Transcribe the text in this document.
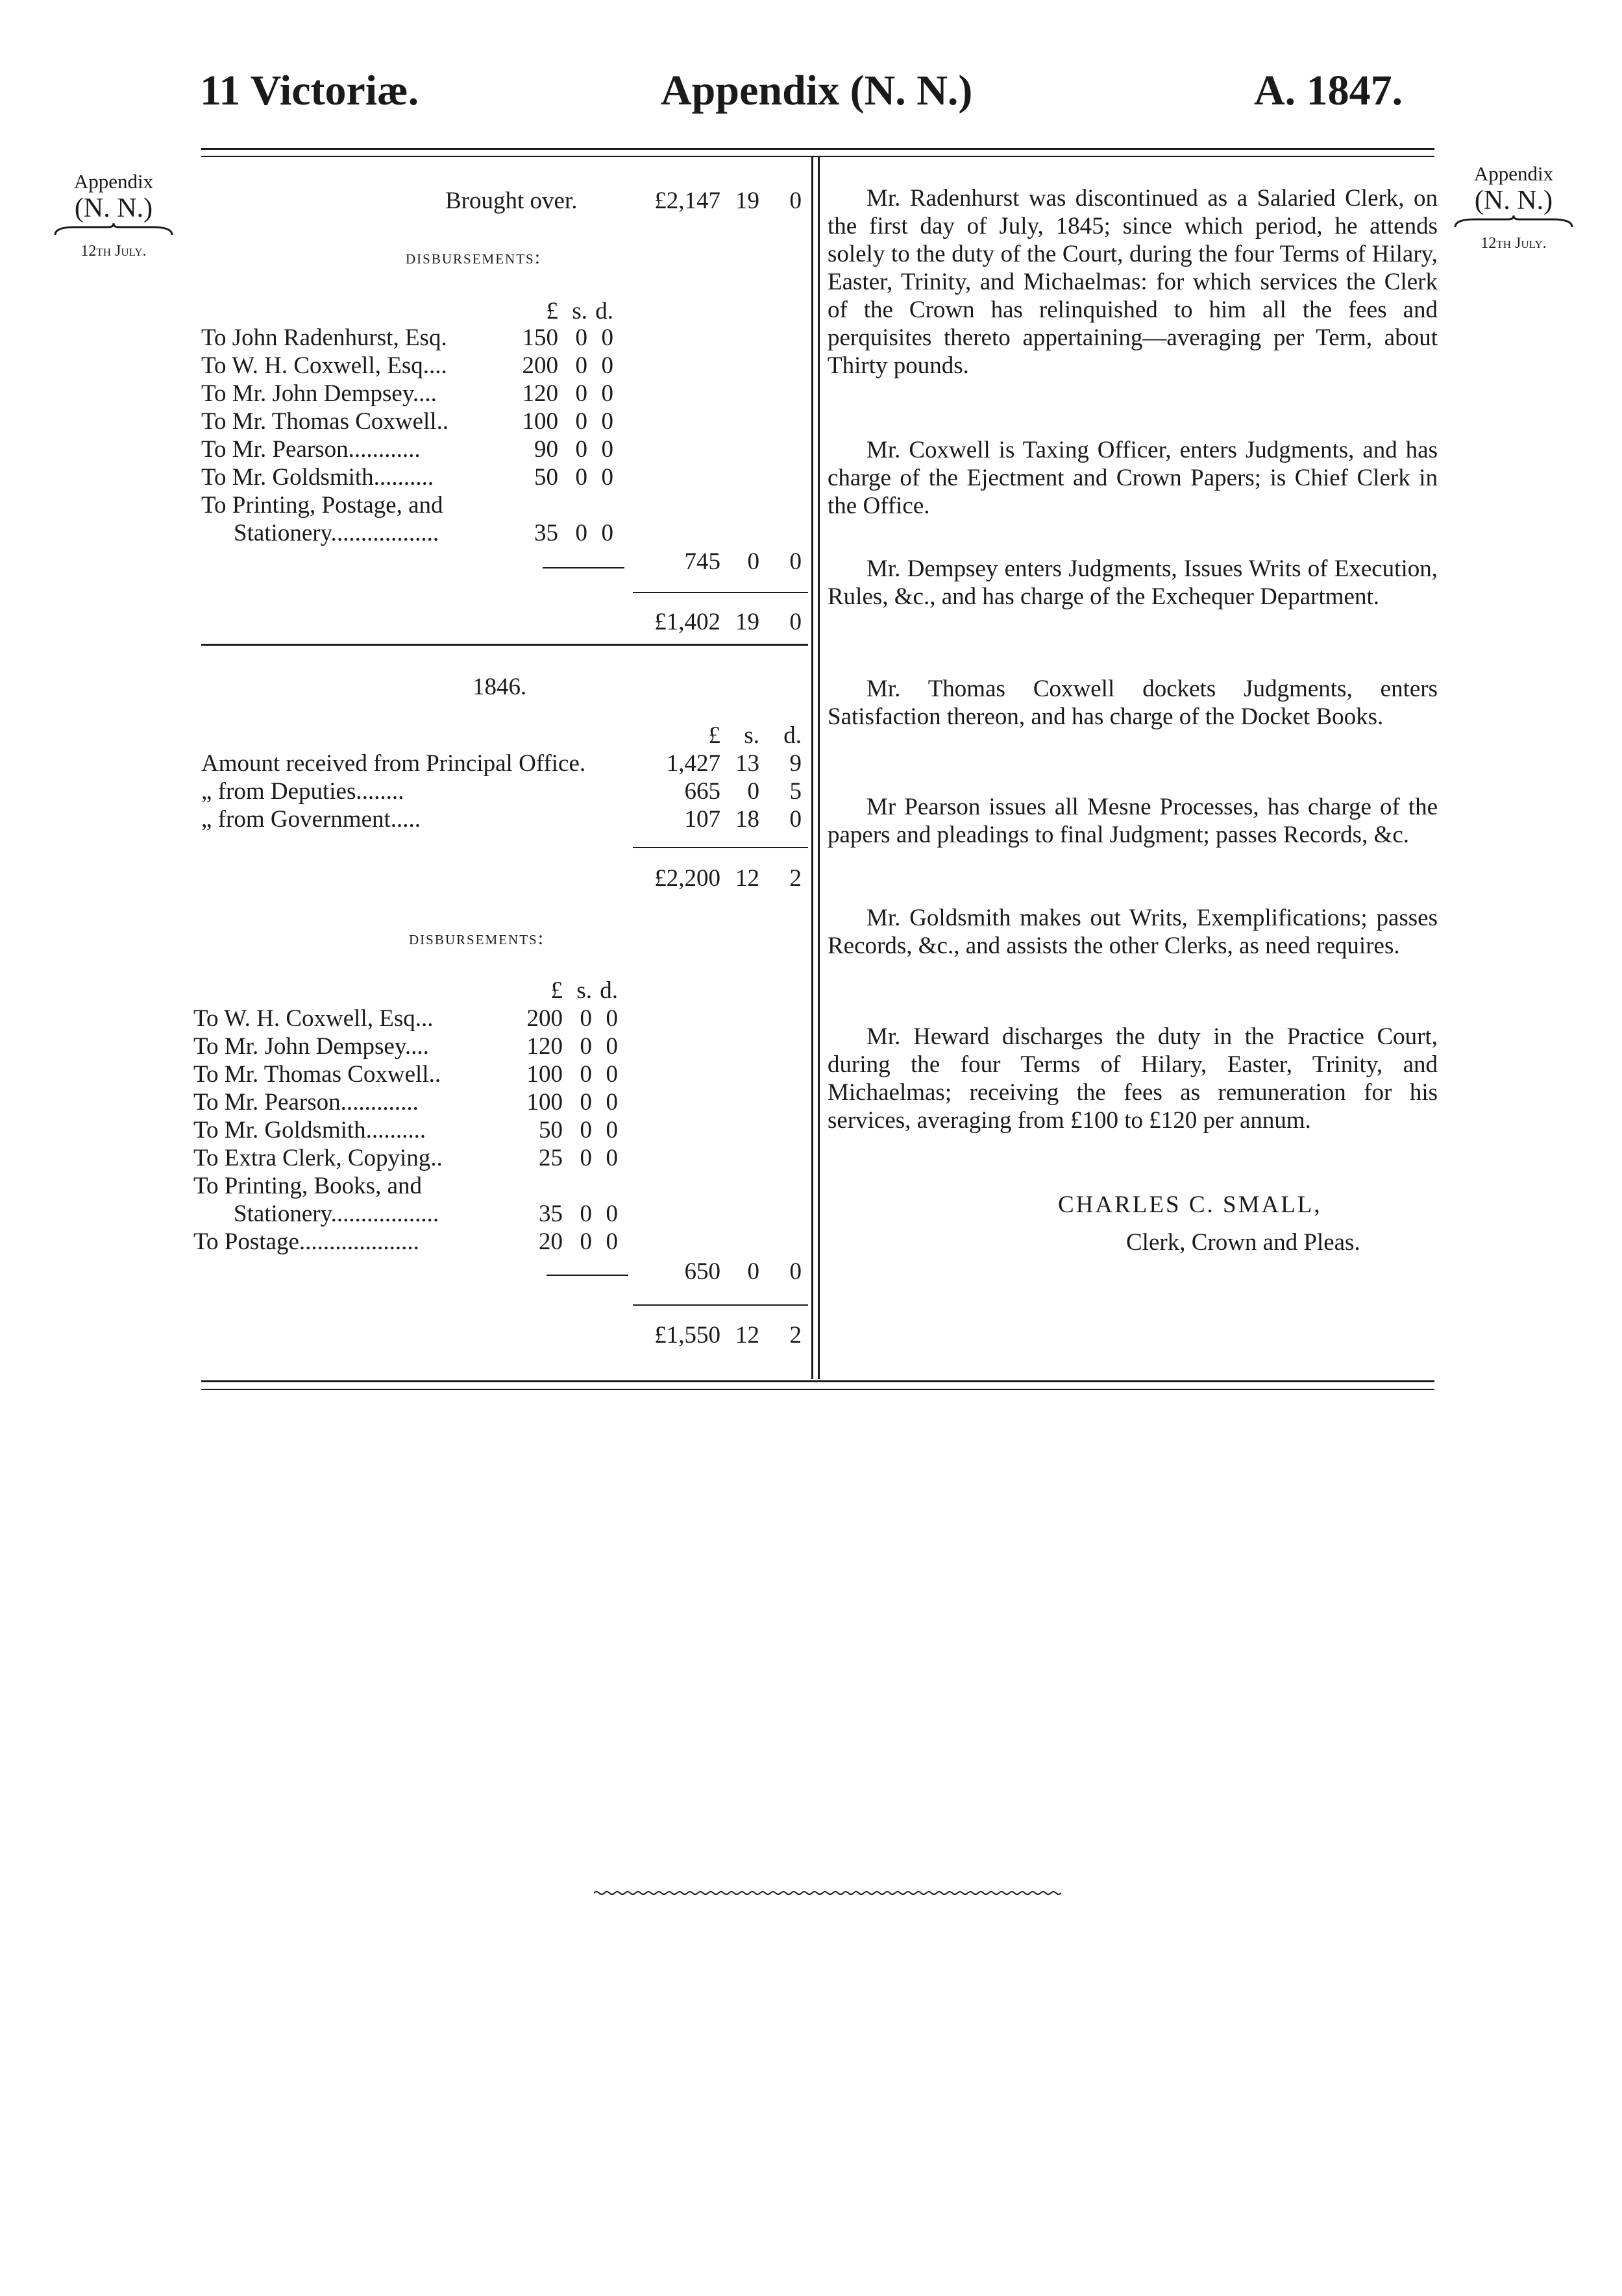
11 Victoriæ.	Appendix (N. N.)	A. 1847.
Appendix
(N. N.)
12th July.
Appendix
(N. N.)
12th July.
Brought over.	£2,147 19	0
disbursements:
£ s. d.
To John Radenhurst, Esq.	150 0 0
To W. H. Coxwell, Esq....	200 0 0
To Mr. John Dempsey....	120 0 0
To Mr. Thomas Coxwell..	100 0 0
To Mr. Pearson............	90 0 0
To Mr. Goldsmith..........	50 0 0
To Printing, Postage, and
Stationery..................	35 0 0
745	0	0
£1,402 19	0
1846.
£ s. d.
Amount received from Principal Office.	1,427 13	9
„ from Deputies........	665	0	5
„ from Government.....	107 18	0
£2,200 12	2
disbursements:
£ s. d.
To W. H. Coxwell, Esq...	200 0 0
To Mr. John Dempsey....	120 0 0
To Mr. Thomas Coxwell..	100 0 0
To Mr. Pearson.............	100 0 0
To Mr. Goldsmith..........	50 0 0
To Extra Clerk, Copying..	25 0 0
To Printing, Books, and
Stationery..................	35 0 0
To Postage....................	20 0 0
650	0	0
£1,550 12	2
Mr. Radenhurst was discontinued as a Salaried Clerk, on the first day of July, 1845; since which period, he attends solely to the duty of the Court, during the four Terms of Hilary, Easter, Trinity, and Michaelmas: for which services the Clerk of the Crown has relinquished to him all the fees and perquisites thereto appertaining—averaging per Term, about Thirty pounds.
Mr. Coxwell is Taxing Officer, enters Judgments, and has charge of the Ejectment and Crown Papers; is Chief Clerk in the Office.
Mr. Dempsey enters Judgments, Issues Writs of Execution, Rules, &c., and has charge of the Exchequer Department.
Mr. Thomas Coxwell dockets Judgments, enters Satisfaction thereon, and has charge of the Docket Books.
Mr Pearson issues all Mesne Processes, has charge of the papers and pleadings to final Judgment; passes Records, &c.
Mr. Goldsmith makes out Writs, Exemplifications; passes Records, &c., and assists the other Clerks, as need requires.
Mr. Heward discharges the duty in the Practice Court, during the four Terms of Hilary, Easter, Trinity, and Michaelmas; receiving the fees as remuneration for his services, averaging from £100 to £120 per annum.
CHARLES C. SMALL,
Clerk, Crown and Pleas.
